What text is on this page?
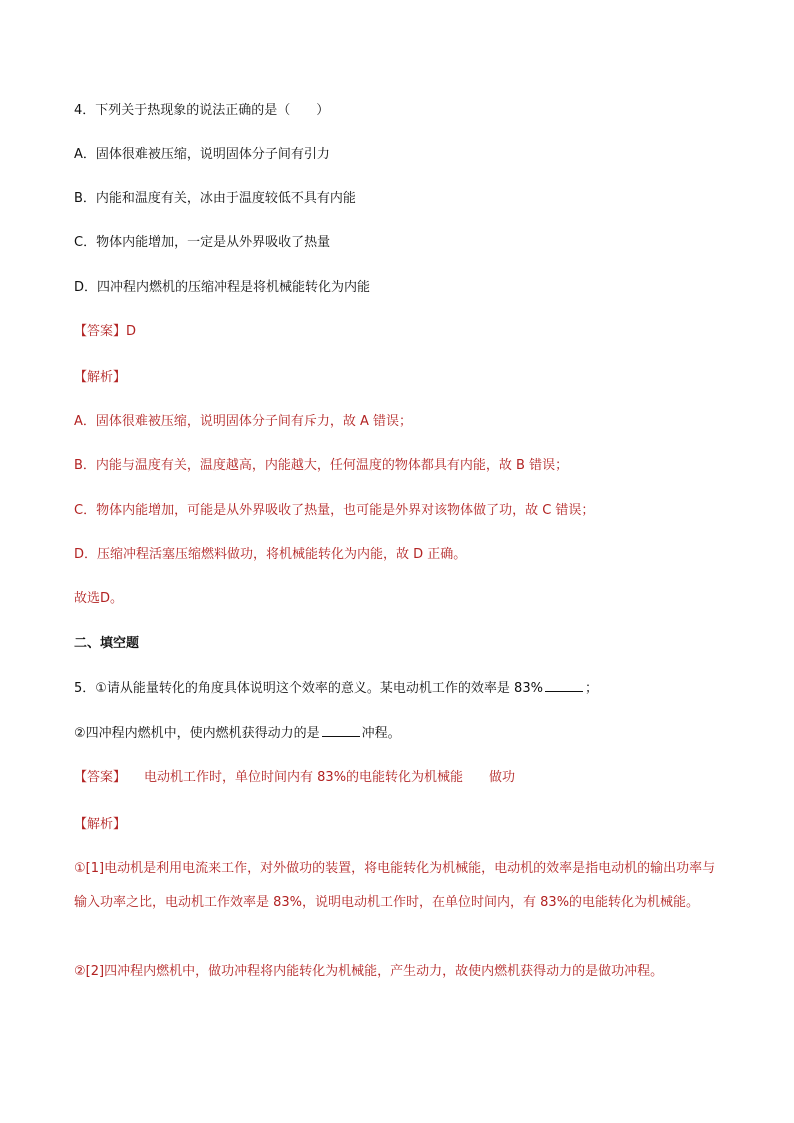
4．下列关于热现象的说法正确的是（　　）
A．固体很难被压缩，说明固体分子间有引力
B．内能和温度有关，冰由于温度较低不具有内能
C．物体内能增加，一定是从外界吸收了热量
D．四冲程内燃机的压缩冲程是将机械能转化为内能
【答案】D
【解析】
A．固体很难被压缩，说明固体分子间有斥力，故 A 错误；
B．内能与温度有关，温度越高，内能越大，任何温度的物体都具有内能，故 B 错误；
C．物体内能增加，可能是从外界吸收了热量，也可能是外界对该物体做了功，故 C 错误；
D．压缩冲程活塞压缩燃料做功，将机械能转化为内能，故 D 正确。
故选D。
二、填空题
5．①请从能量转化的角度具体说明这个效率的意义。某电动机工作的效率是 83%	；
②四冲程内燃机中，使内燃机获得动力的是	冲程。
【答案】 电动机工作时，单位时间内有 83%的电能转化为机械能 做功
【解析】
①[1]电动机是利用电流来工作，对外做功的装置，将电能转化为机械能，电动机的效率是指电动机的输出功率与输入功率之比，电动机工作效率是 83%，说明电动机工作时，在单位时间内，有 83%的电能转化为机械能。
②[2]四冲程内燃机中，做功冲程将内能转化为机械能，产生动力，故使内燃机获得动力的是做功冲程。
